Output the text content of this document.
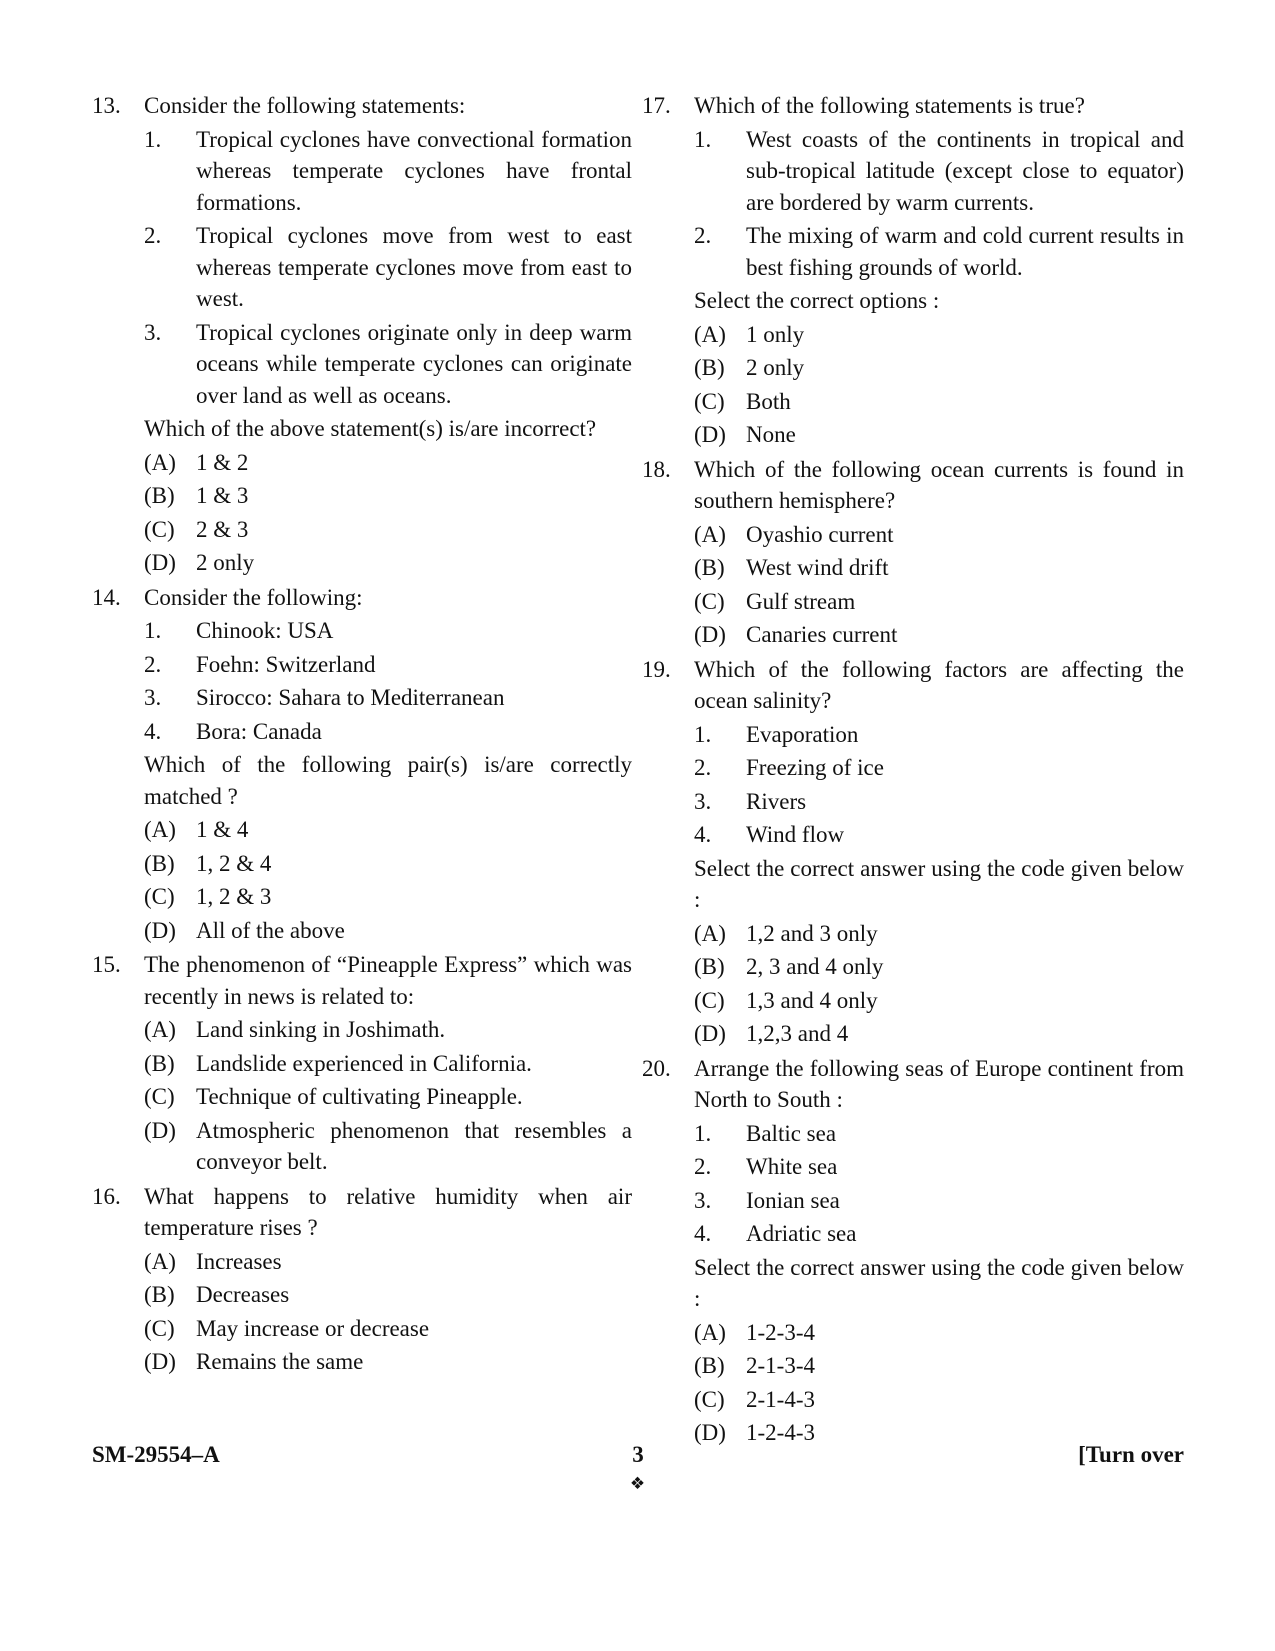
13. Consider the following statements:
1. Tropical cyclones have convectional formation whereas temperate cyclones have frontal formations.
2. Tropical cyclones move from west to east whereas temperate cyclones move from east to west.
3. Tropical cyclones originate only in deep warm oceans while temperate cyclones can originate over land as well as oceans.
Which of the above statement(s) is/are incorrect?
(A) 1 & 2
(B) 1 & 3
(C) 2 & 3
(D) 2 only
14. Consider the following:
1. Chinook: USA
2. Foehn: Switzerland
3. Sirocco: Sahara to Mediterranean
4. Bora: Canada
Which of the following pair(s) is/are correctly matched ?
(A) 1 & 4
(B) 1, 2 & 4
(C) 1, 2 & 3
(D) All of the above
15. The phenomenon of “Pineapple Express” which was recently in news is related to:
(A) Land sinking in Joshimath.
(B) Landslide experienced in California.
(C) Technique of cultivating Pineapple.
(D) Atmospheric phenomenon that resembles a conveyor belt.
16. What happens to relative humidity when air temperature rises ?
(A) Increases
(B) Decreases
(C) May increase or decrease
(D) Remains the same
17. Which of the following statements is true?
1. West coasts of the continents in tropical and sub-tropical latitude (except close to equator) are bordered by warm currents.
2. The mixing of warm and cold current results in best fishing grounds of world.
Select the correct options :
(A) 1 only
(B) 2 only
(C) Both
(D) None
18. Which of the following ocean currents is found in southern hemisphere?
(A) Oyashio current
(B) West wind drift
(C) Gulf stream
(D) Canaries current
19. Which of the following factors are affecting the ocean salinity?
1. Evaporation
2. Freezing of ice
3. Rivers
4. Wind flow
Select the correct answer using the code given below :
(A) 1,2 and 3 only
(B) 2, 3 and 4 only
(C) 1,3 and 4 only
(D) 1,2,3 and 4
20. Arrange the following seas of Europe continent from North to South :
1. Baltic sea
2. White sea
3. Ionian sea
4. Adriatic sea
Select the correct answer using the code given below :
(A) 1-2-3-4
(B) 2-1-3-4
(C) 2-1-4-3
(D) 1-2-4-3
SM-29554–A	3	[Turn over
❖
